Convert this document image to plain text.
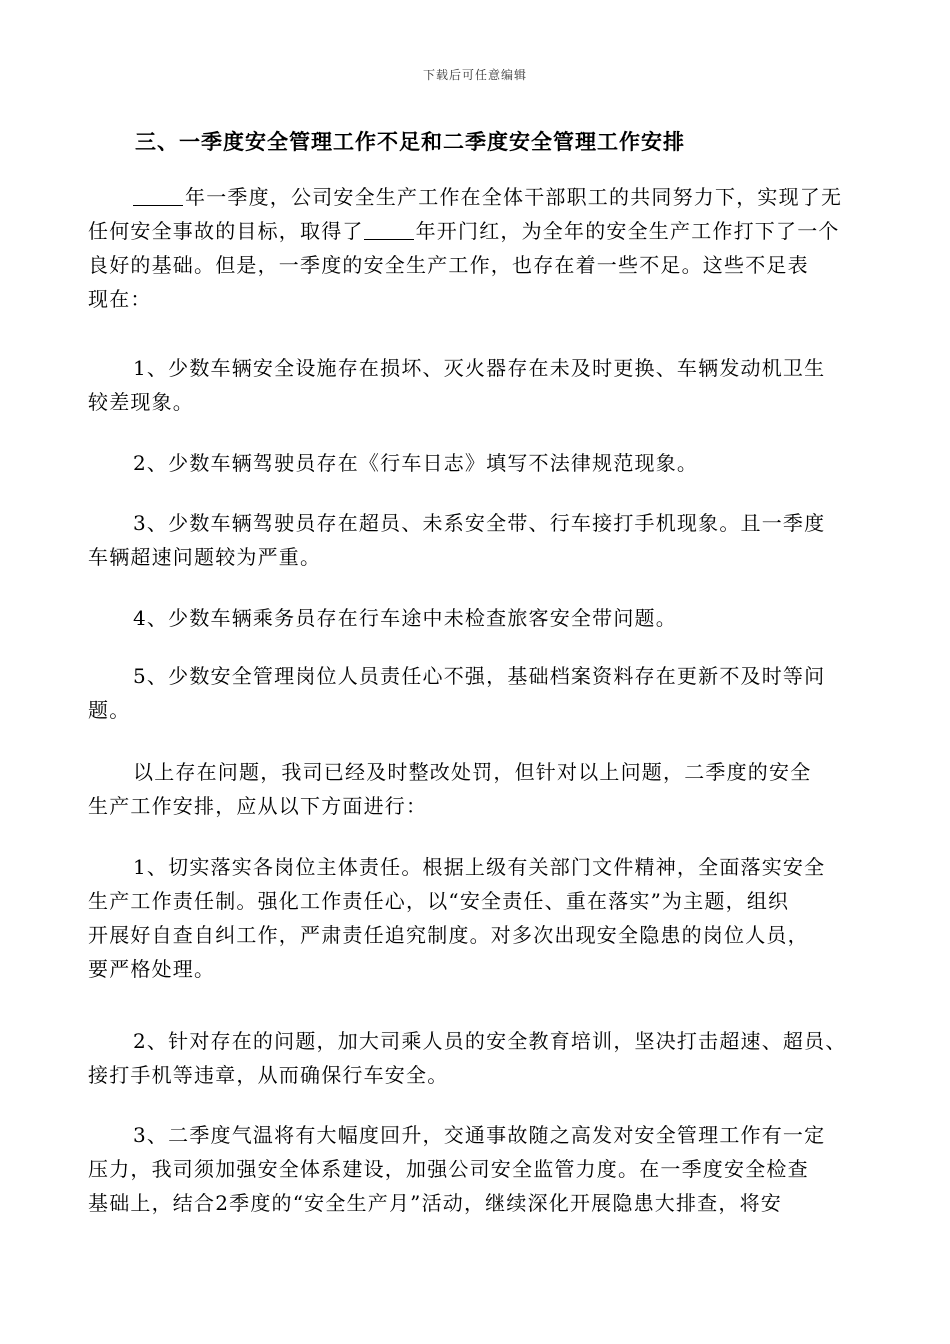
下载后可任意编辑
三、一季度安全管理工作不足和二季度安全管理工作安排
年一季度，公司安全生产工作在全体干部职工的共同努力下，实现了无
任何安全事故的目标，取得了	年开门红，为全年的安全生产工作打下了一个
良好的基础。但是，一季度的安全生产工作，也存在着一些不足。这些不足表
现在：
1、少数车辆安全设施存在损坏、灭火器存在未及时更换、车辆发动机卫生
较差现象。
2、少数车辆驾驶员存在《行车日志》填写不法律规范现象。
3、少数车辆驾驶员存在超员、未系安全带、行车接打手机现象。且一季度
车辆超速问题较为严重。
4、少数车辆乘务员存在行车途中未检查旅客安全带问题。
5、少数安全管理岗位人员责任心不强，基础档案资料存在更新不及时等问
题。
以上存在问题，我司已经及时整改处罚，但针对以上问题，二季度的安全
生产工作安排，应从以下方面进行：
1、切实落实各岗位主体责任。根据上级有关部门文件精神，全面落实安全
生产工作责任制。强化工作责任心，以“安全责任、重在落实”为主题，组织
开展好自查自纠工作，严肃责任追究制度。对多次出现安全隐患的岗位人员，
要严格处理。
2、针对存在的问题，加大司乘人员的安全教育培训，坚决打击超速、超员、
接打手机等违章，从而确保行车安全。
3、二季度气温将有大幅度回升，交通事故随之高发对安全管理工作有一定
压力，我司须加强安全体系建设，加强公司安全监管力度。在一季度安全检查
基础上，结合2季度的“安全生产月”活动，继续深化开展隐患大排查，将安
